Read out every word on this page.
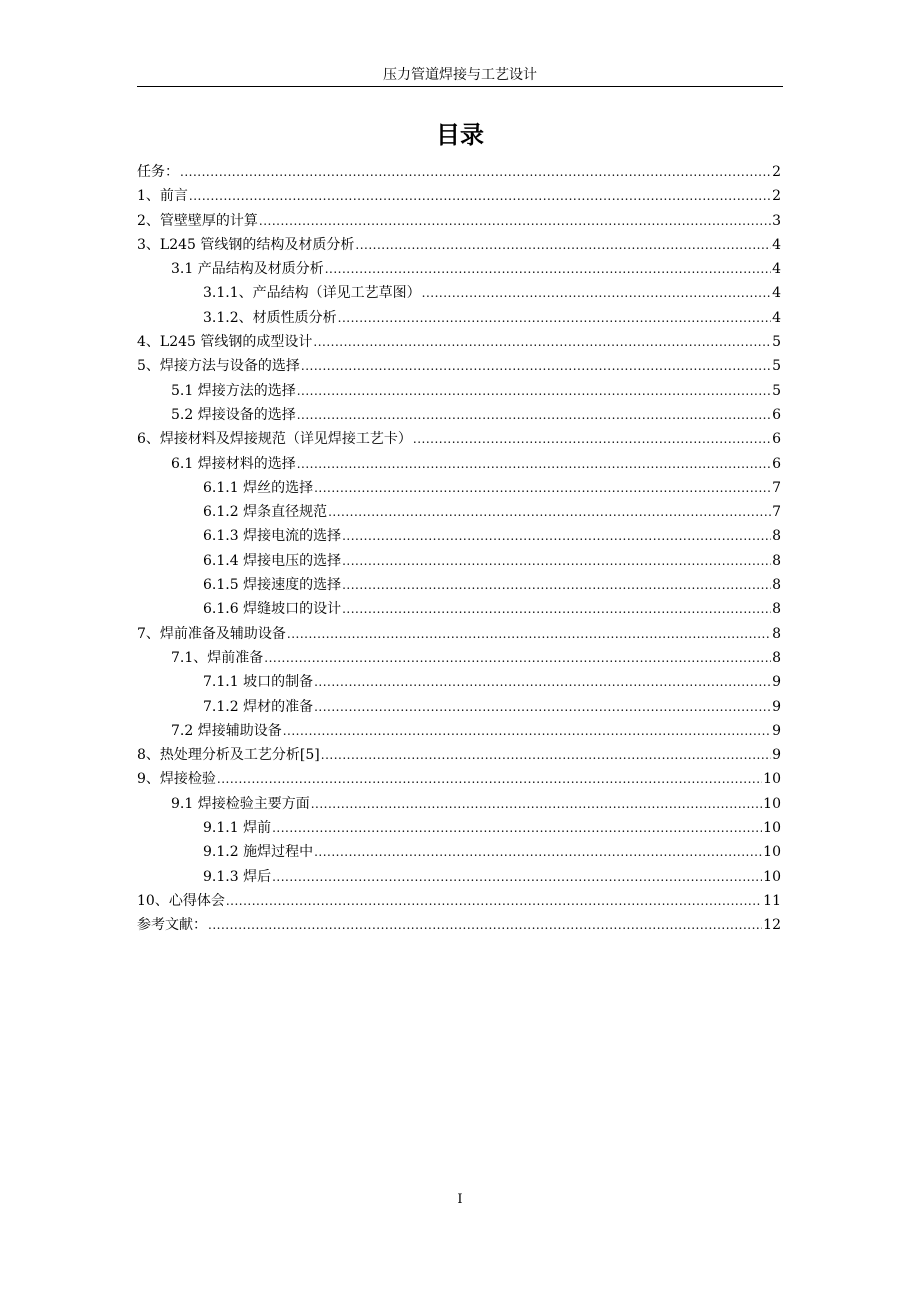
压力管道焊接与工艺设计
目录
任务： .....	2
1、前言 .....	2
2、管壁壁厚的计算 .....	3
3、L245 管线钢的结构及材质分析 .....	4
3.1 产品结构及材质分析 .....	4
3.1.1、产品结构（详见工艺草图） .....	4
3.1.2、材质性质分析 .....	4
4、L245 管线钢的成型设计 .....	5
5、焊接方法与设备的选择 .....	5
5.1 焊接方法的选择 .....	5
5.2 焊接设备的选择 .....	6
6、焊接材料及焊接规范（详见焊接工艺卡） .....	6
6.1 焊接材料的选择 .....	6
6.1.1 焊丝的选择 .....	7
6.1.2 焊条直径规范 .....	7
6.1.3 焊接电流的选择 .....	8
6.1.4 焊接电压的选择 .....	8
6.1.5 焊接速度的选择 .....	8
6.1.6 焊缝坡口的设计 .....	8
7、焊前准备及辅助设备 .....	8
7.1、焊前准备 .....	8
7.1.1 坡口的制备 .....	9
7.1.2 焊材的准备 .....	9
7.2 焊接辅助设备 .....	9
8、热处理分析及工艺分析[5] .....	9
9、焊接检验 .....	10
9.1 焊接检验主要方面 .....	10
9.1.1 焊前 .....	10
9.1.2 施焊过程中 .....	10
9.1.3 焊后 .....	10
10、心得体会 .....	11
参考文献： .....	12
I
